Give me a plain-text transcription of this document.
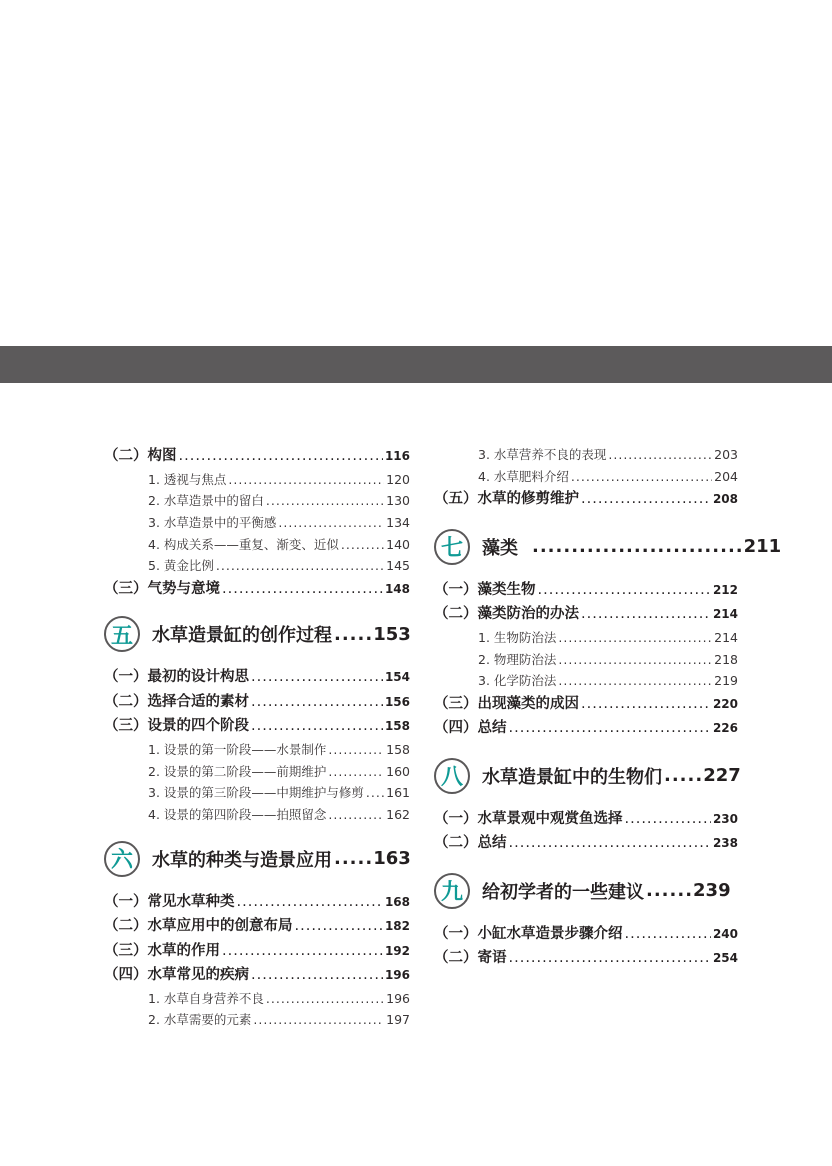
（二）构图 .....	116
1. 透视与焦点 .....	120
2. 水草造景中的留白 .....	130
3. 水草造景中的平衡感 .....	134
4. 构成关系——重复、渐变、近似 .....	140
5. 黄金比例 .....	145
（三）气势与意境 .....	148
五	水草造景缸的创作过程 ..... 153
（一）最初的设计构思 .....	154
（二）选择合适的素材 .....	156
（三）设景的四个阶段 .....	158
1. 设景的第一阶段——水景制作 .....	158
2. 设景的第二阶段——前期维护 .....	160
3. 设景的第三阶段——中期维护与修剪 ..... 161
4. 设景的第四阶段——拍照留念 .....	162
六	水草的种类与造景应用 ..... 163
（一）常见水草种类 .....	168
（二）水草应用中的创意布局 .....	182
（三）水草的作用 .....	192
（四）水草常见的疾病 .....	196
1. 水草自身营养不良 .....	196
2. 水草需要的元素 .....	197
3. 水草营养不良的表现 .....	203
4. 水草肥料介绍 .....	204
（五）水草的修剪维护 .....	208
七	藻类 ........................... 211
（一）藻类生物 .....	212
（二）藻类防治的办法 .....	214
1. 生物防治法 .....	214
2. 物理防治法 .....	218
3. 化学防治法 .....	219
（三）出现藻类的成因 .....	220
（四）总结 .....	226
八	水草造景缸中的生物们 ..... 227
（一）水草景观中观赏鱼选择 .....	230
（二）总结 .....	238
九	给初学者的一些建议 ...... 239
（一）小缸水草造景步骤介绍 .....	240
（二）寄语 .....	254
